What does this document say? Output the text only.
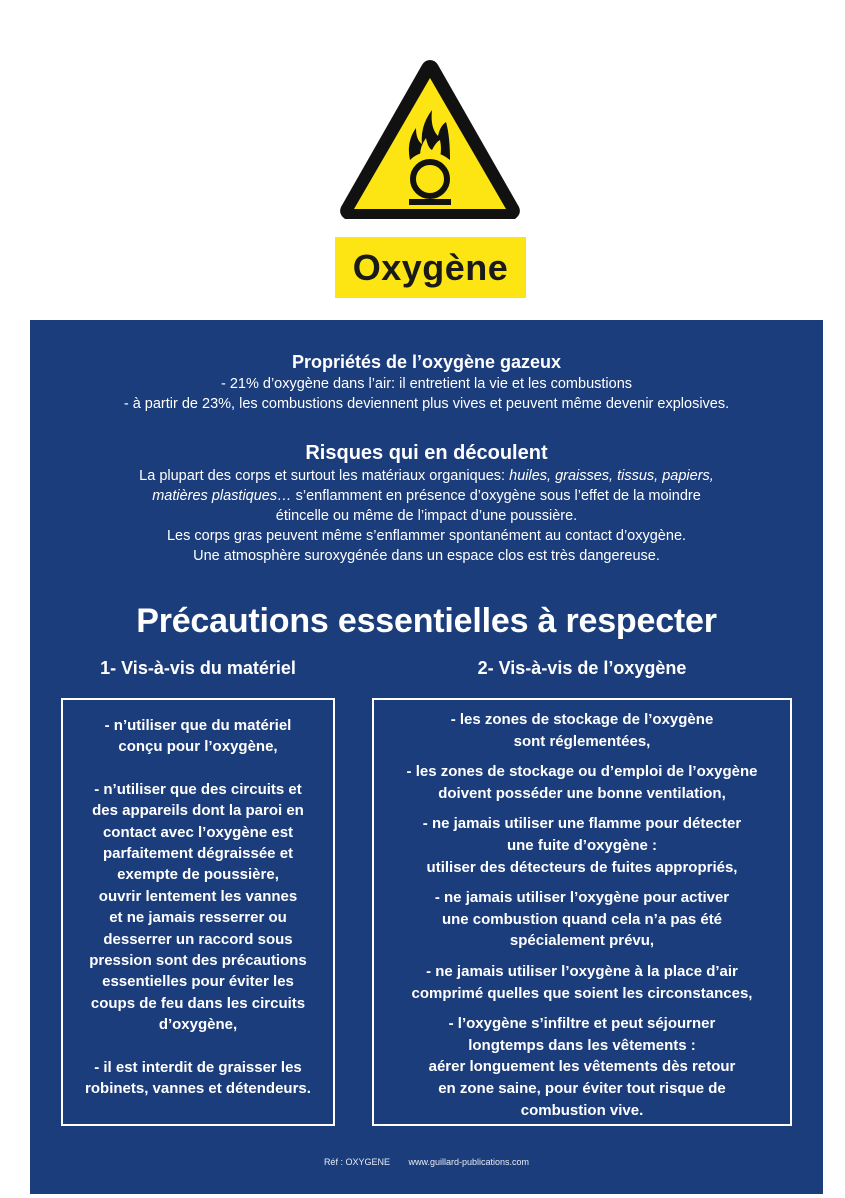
Oxygène
Propriétés de l’oxygène gazeux
- 21% d’oxygène dans l’air: il entretient la vie et les combustions
- à partir de 23%, les combustions deviennent plus vives et peuvent même devenir explosives.
Risques qui en découlent
La plupart des corps et surtout les matériaux organiques: huiles, graisses, tissus, papiers,
matières plastiques… s’enflamment en présence d’oxygène sous l’effet de la moindre
étincelle ou même de l’impact d’une poussière.
Les corps gras peuvent même s’enflammer spontanément au contact d’oxygène.
Une atmosphère suroxygénée dans un espace clos est très dangereuse.
Précautions essentielles à respecter
1- Vis-à-vis du matériel	2- Vis-à-vis de l’oxygène
- n’utiliser que du matériel
conçu pour l’oxygène,
- n’utiliser que des circuits et
des appareils dont la paroi en
contact avec l’oxygène est
parfaitement dégraissée et
exempte de poussière,
ouvrir lentement les vannes
et ne jamais resserrer ou
desserrer un raccord sous
pression sont des précautions
essentielles pour éviter les
coups de feu dans les circuits
d’oxygène,
- il est interdit de graisser les
robinets, vannes et détendeurs.
- les zones de stockage de l’oxygène
sont réglementées,
- les zones de stockage ou d’emploi de l’oxygène
doivent posséder une bonne ventilation,
- ne jamais utiliser une flamme pour détecter
une fuite d’oxygène :
utiliser des détecteurs de fuites appropriés,
- ne jamais utiliser l’oxygène pour activer
une combustion quand cela n’a pas été
spécialement prévu,
- ne jamais utiliser l’oxygène à la place d’air
comprimé quelles que soient les circonstances,
- l’oxygène s’infiltre et peut séjourner
longtemps dans les vêtements :
aérer longuement les vêtements dès retour
en zone saine, pour éviter tout risque de
combustion vive.
Réf : OXYGENE www.guillard-publications.com
